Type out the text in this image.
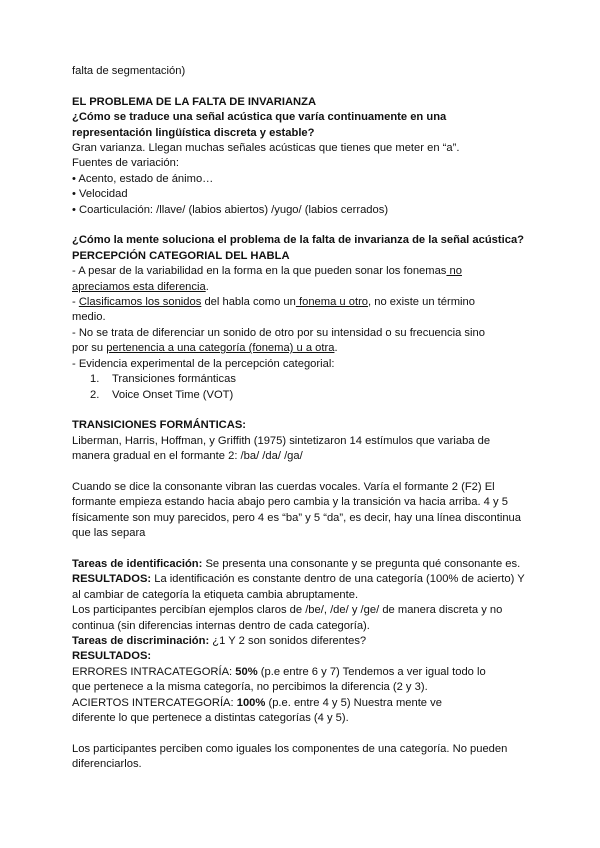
falta de segmentación)
EL PROBLEMA DE LA FALTA DE INVARIANZA
¿Cómo se traduce una señal acústica que varía continuamente en una
representación lingüística discreta y estable?
Gran varianza. Llegan muchas señales acústicas que tienes que meter en “a”.
Fuentes de variación:
• Acento, estado de ánimo…
• Velocidad
• Coarticulación: /llave/ (labios abiertos) /yugo/ (labios cerrados)
¿Cómo la mente soluciona el problema de la falta de invarianza de la señal acústica?
PERCEPCIÓN CATEGORIAL DEL HABLA
- A pesar de la variabilidad en la forma en la que pueden sonar los fonemas no
apreciamos esta diferencia.
- Clasificamos los sonidos del habla como un fonema u otro, no existe un término
medio.
- No se trata de diferenciar un sonido de otro por su intensidad o su frecuencia sino
por su pertenencia a una categoría (fonema) u a otra.
- Evidencia experimental de la percepción categorial:
1. Transiciones formánticas
2. Voice Onset Time (VOT)
TRANSICIONES FORMÁNTICAS:
Liberman, Harris, Hoffman, y Griffith (1975) sintetizaron 14 estímulos que variaba de
manera gradual en el formante 2: /ba/ /da/ /ga/
Cuando se dice la consonante vibran las cuerdas vocales. Varía el formante 2 (F2) El
formante empieza estando hacia abajo pero cambia y la transición va hacia arriba. 4 y 5
físicamente son muy parecidos, pero 4 es “ba” y 5 “da”, es decir, hay una línea discontinua
que las separa
Tareas de identificación: Se presenta una consonante y se pregunta qué consonante es.
RESULTADOS: La identificación es constante dentro de una categoría (100% de acierto) Y
al cambiar de categoría la etiqueta cambia abruptamente.
Los participantes percibían ejemplos claros de /be/, /de/ y /ge/ de manera discreta y no
continua (sin diferencias internas dentro de cada categoría).
Tareas de discriminación: ¿1 Y 2 son sonidos diferentes?
RESULTADOS:
ERRORES INTRACATEGORÍA: 50% (p.e entre 6 y 7) Tendemos a ver igual todo lo
que pertenece a la misma categoría, no percibimos la diferencia (2 y 3).
ACIERTOS INTERCATEGORÍA: 100% (p.e. entre 4 y 5) Nuestra mente ve
diferente lo que pertenece a distintas categorías (4 y 5).
Los participantes perciben como iguales los componentes de una categoría. No pueden
diferenciarlos.
